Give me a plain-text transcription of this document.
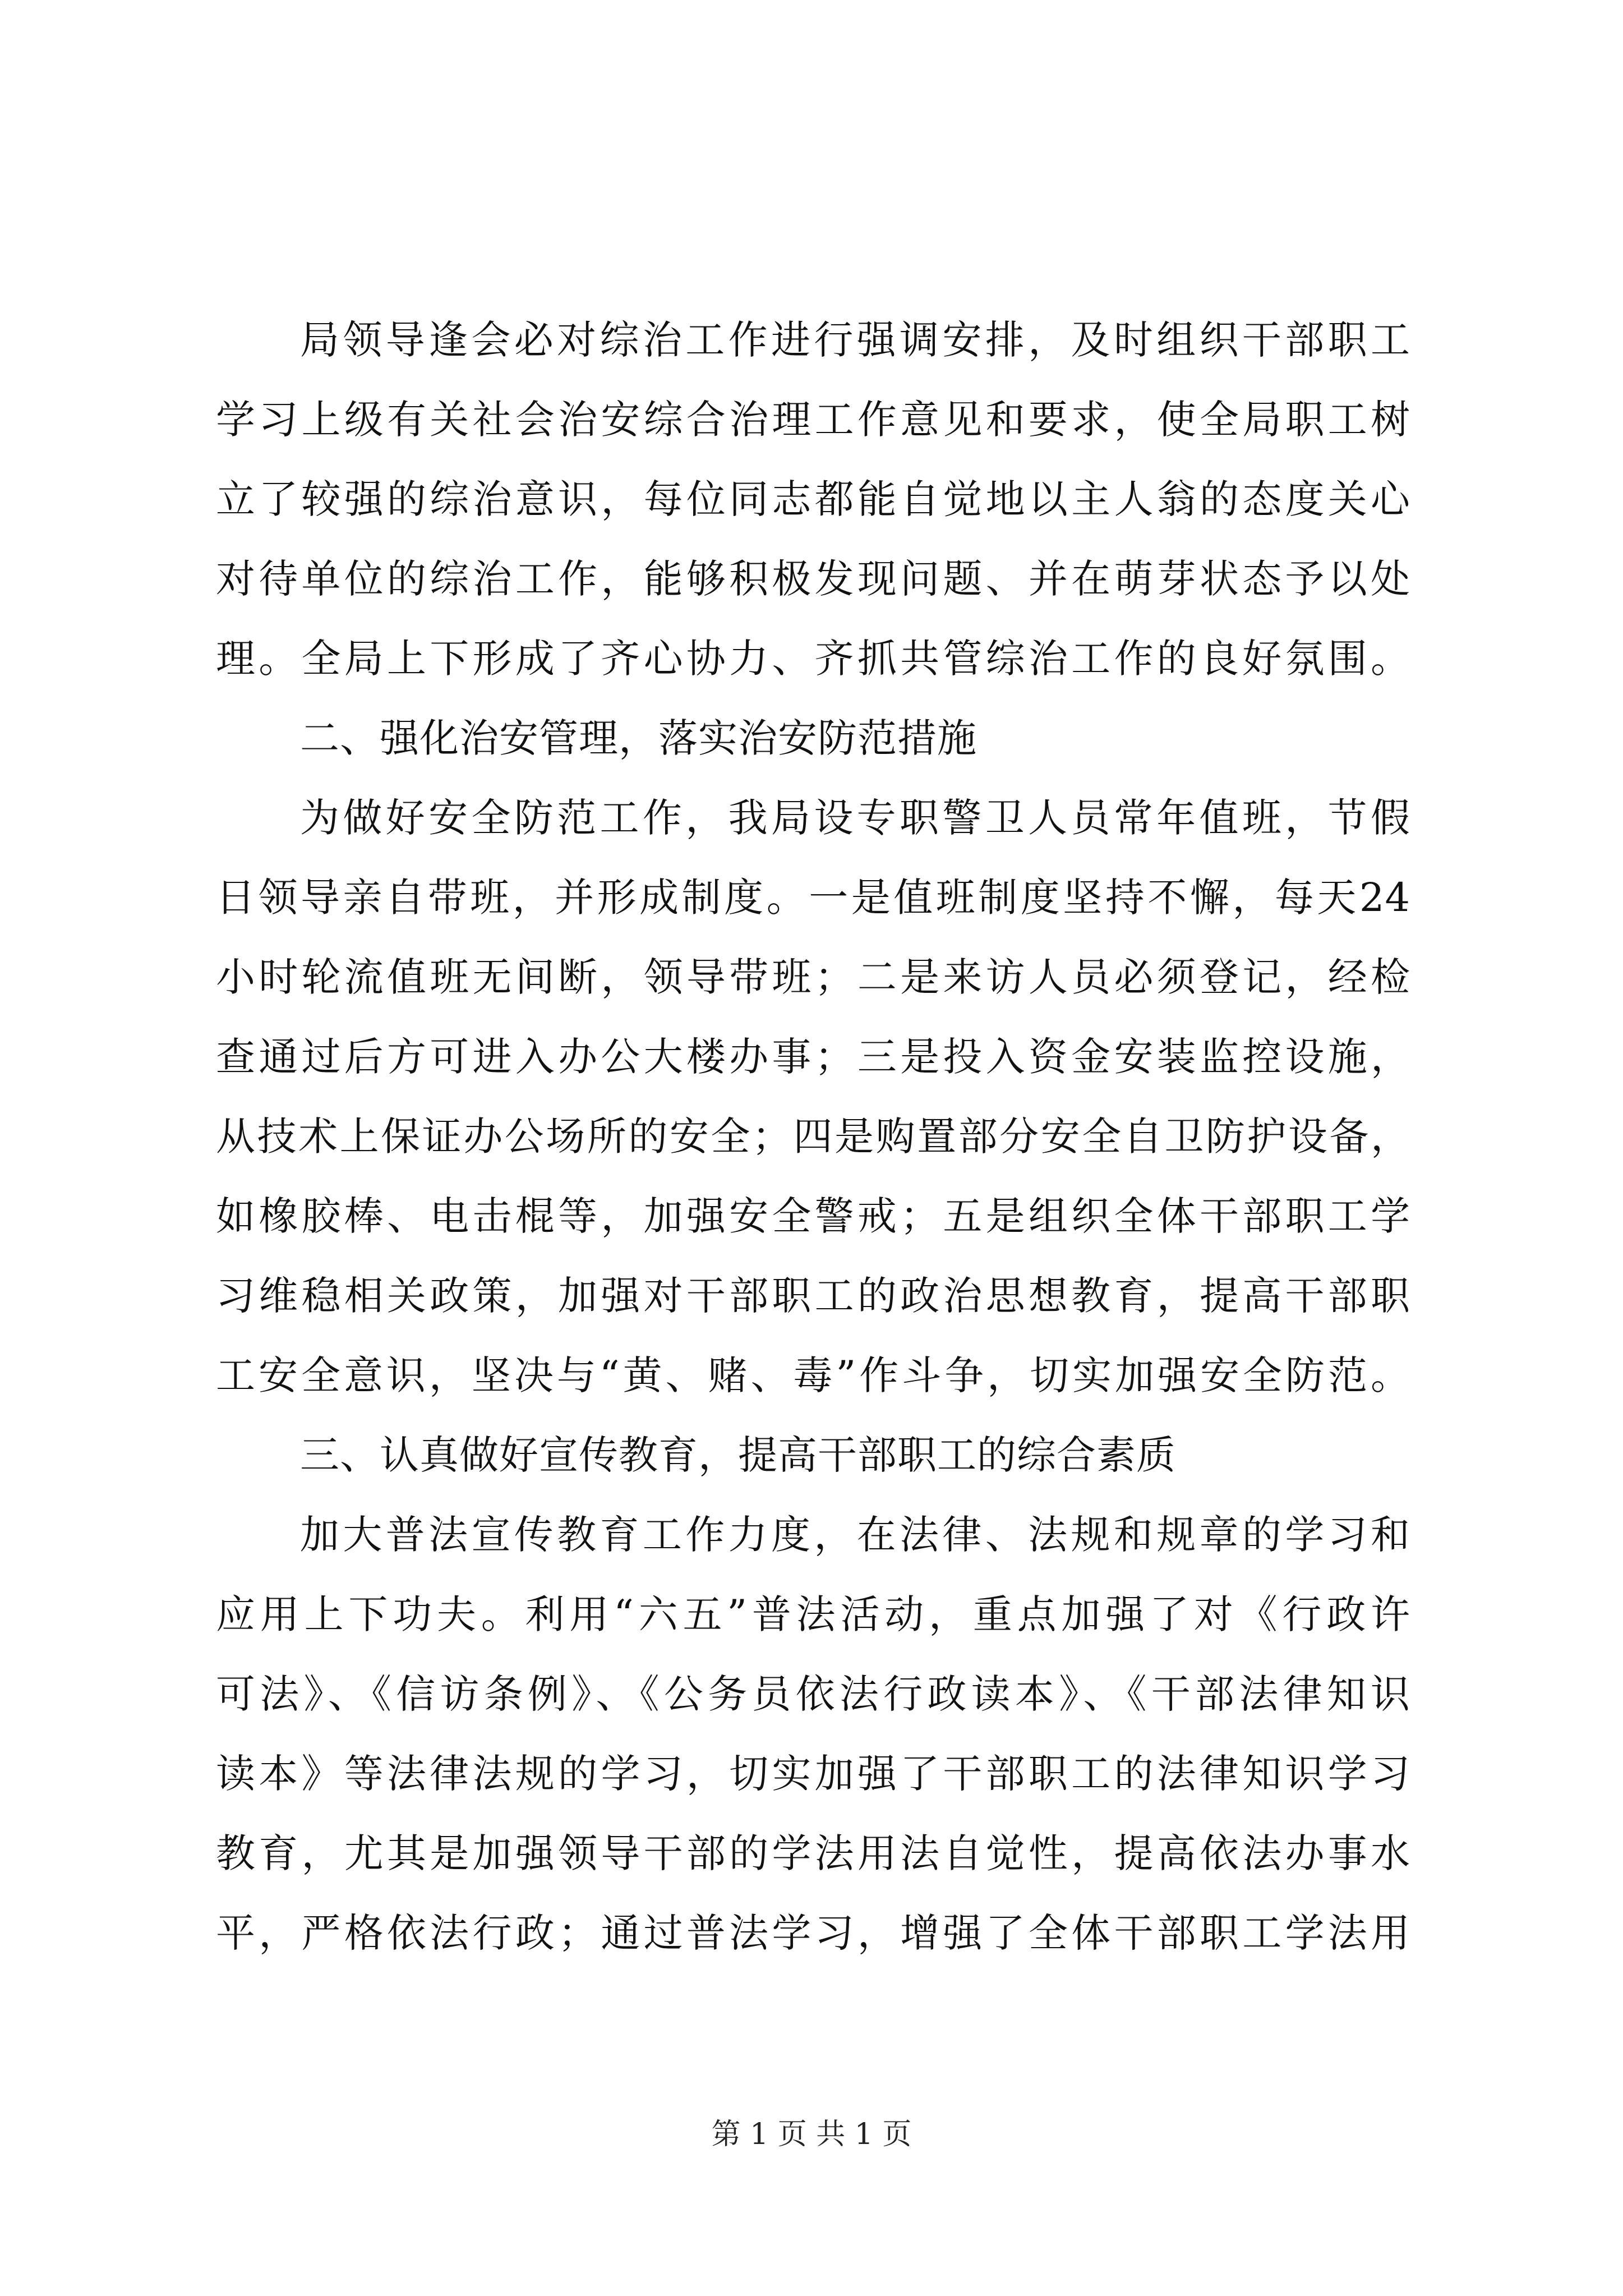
局领导逢会必对综治工作进行强调安排，及时组织干部职工
学习上级有关社会治安综合治理工作意见和要求，使全局职工树
立了较强的综治意识，每位同志都能自觉地以主人翁的态度关心
对待单位的综治工作，能够积极发现问题、并在萌芽状态予以处
理。全局上下形成了齐心协力、齐抓共管综治工作的良好氛围。
二、强化治安管理，落实治安防范措施
为做好安全防范工作，我局设专职警卫人员常年值班，节假
日领导亲自带班，并形成制度。一是值班制度坚持不懈，每天24
小时轮流值班无间断，领导带班；二是来访人员必须登记，经检
查通过后方可进入办公大楼办事；三是投入资金安装监控设施，
从技术上保证办公场所的安全；四是购置部分安全自卫防护设备，
如橡胶棒、电击棍等，加强安全警戒；五是组织全体干部职工学
习维稳相关政策，加强对干部职工的政治思想教育，提高干部职
工安全意识，坚决与“黄、赌、毒”作斗争，切实加强安全防范。
三、认真做好宣传教育，提高干部职工的综合素质
加大普法宣传教育工作力度，在法律、法规和规章的学习和
应用上下功夫。利用“六五”普法活动，重点加强了对《行政许
可法》、《信访条例》、《公务员依法行政读本》、《干部法律知识
读本》等法律法规的学习，切实加强了干部职工的法律知识学习
教育，尤其是加强领导干部的学法用法自觉性，提高依法办事水
平，严格依法行政；通过普法学习，增强了全体干部职工学法用
第 1 页 共 1 页
